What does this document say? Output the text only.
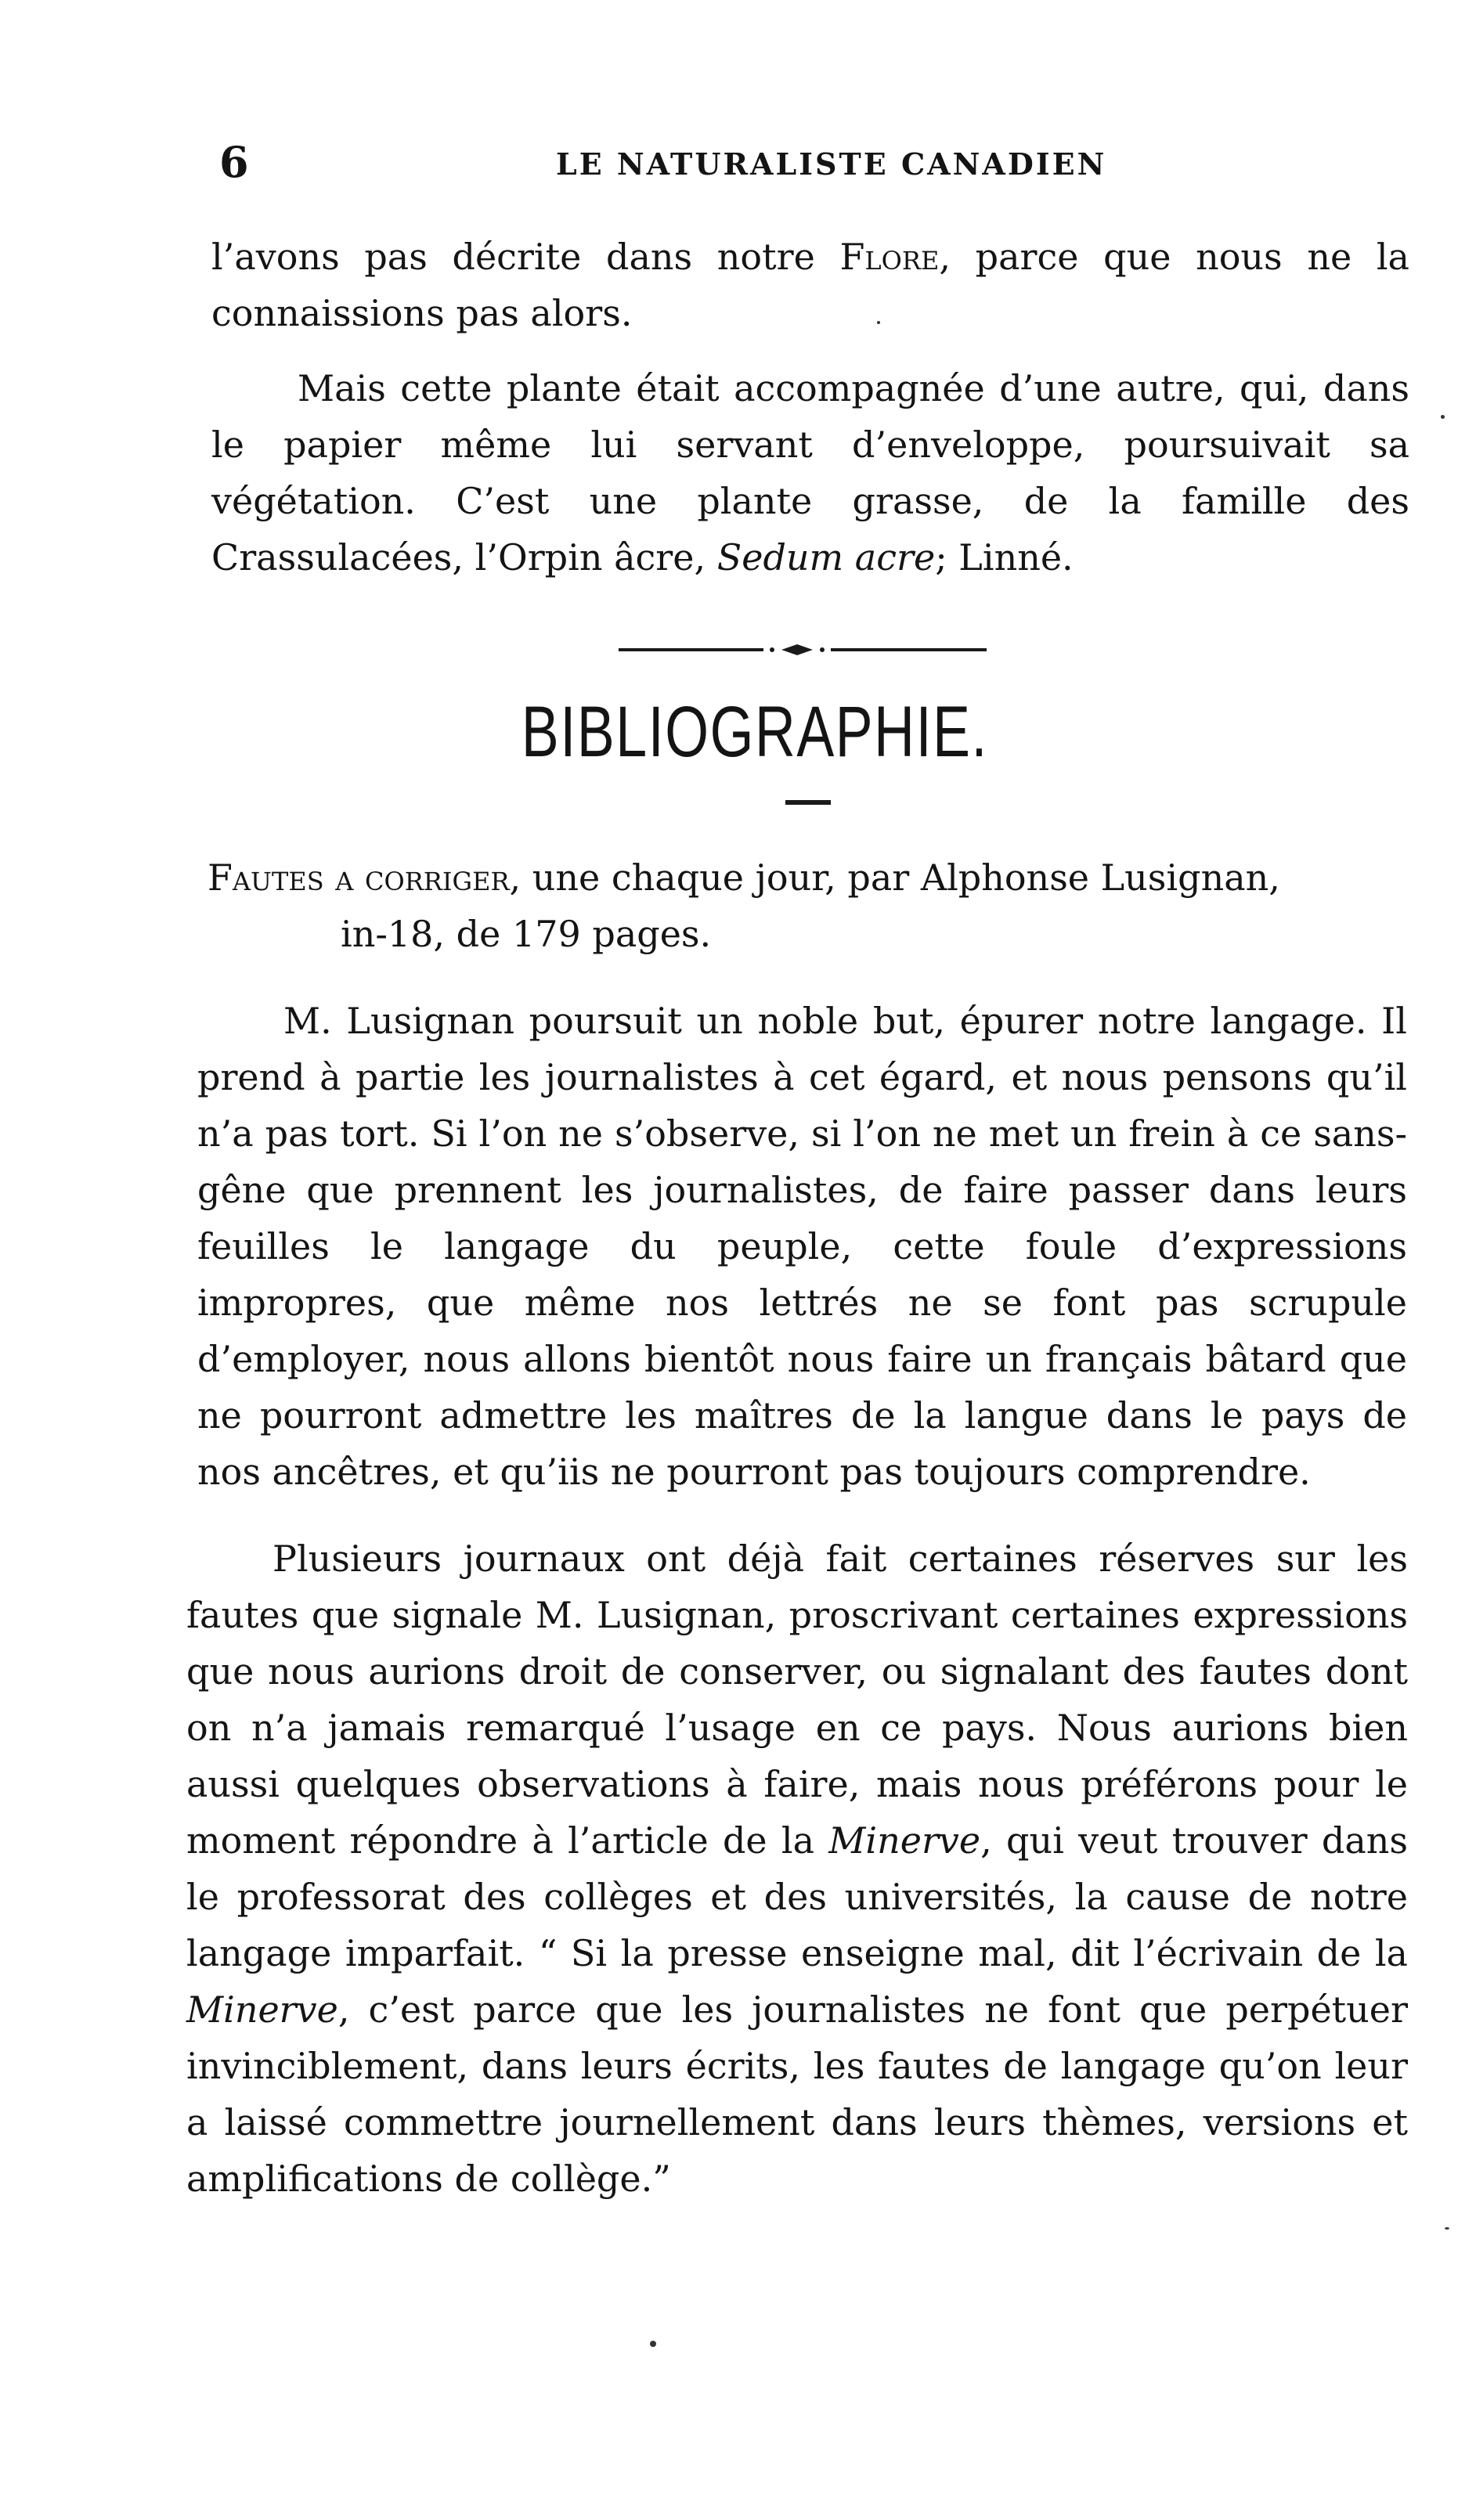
6	LE NATURALISTE CANADIEN

l’avons pas décrite dans notre Flore, parce que nous ne la connaissions pas alors.

Mais cette plante était accompagnée d’une autre, qui, dans le papier même lui servant d’enveloppe, poursuivait sa végétation. C’est une plante grasse, de la famille des Crassulacées, l’Orpin âcre, Sedum acre; Linné.

BIBLIOGRAPHIE.
Fautes a corriger, une chaque jour, par Alphonse Lusignan,
in-18, de 179 pages.

M. Lusignan poursuit un noble but, épurer notre langage. Il prend à partie les journalistes à cet égard, et nous pensons qu’il n’a pas tort. Si l’on ne s’observe, si l’on ne met un frein à ce sans-gêne que prennent les journalistes, de faire passer dans leurs feuilles le langage du peuple, cette foule d’expressions impropres, que même nos lettrés ne se font pas scrupule d’employer, nous allons bientôt nous faire un français bâtard que ne pourront admettre les maîtres de la langue dans le pays de nos ancêtres, et qu’iis ne pourront pas toujours comprendre.

Plusieurs journaux ont déjà fait certaines réserves sur les fautes que signale M. Lusignan, proscrivant certaines expressions que nous aurions droit de conserver, ou signalant des fautes dont on n’a jamais remarqué l’usage en ce pays. Nous aurions bien aussi quelques observations à faire, mais nous préférons pour le moment répondre à l’article de la Minerve, qui veut trouver dans le professorat des collèges et des universités, la cause de notre langage imparfait. “ Si la presse enseigne mal, dit l’écrivain de la Minerve, c’est parce que les journalistes ne font que perpétuer invinciblement, dans leurs écrits, les fautes de langage qu’on leur a laissé commettre journellement dans leurs thèmes, versions et amplifications de collège.”
